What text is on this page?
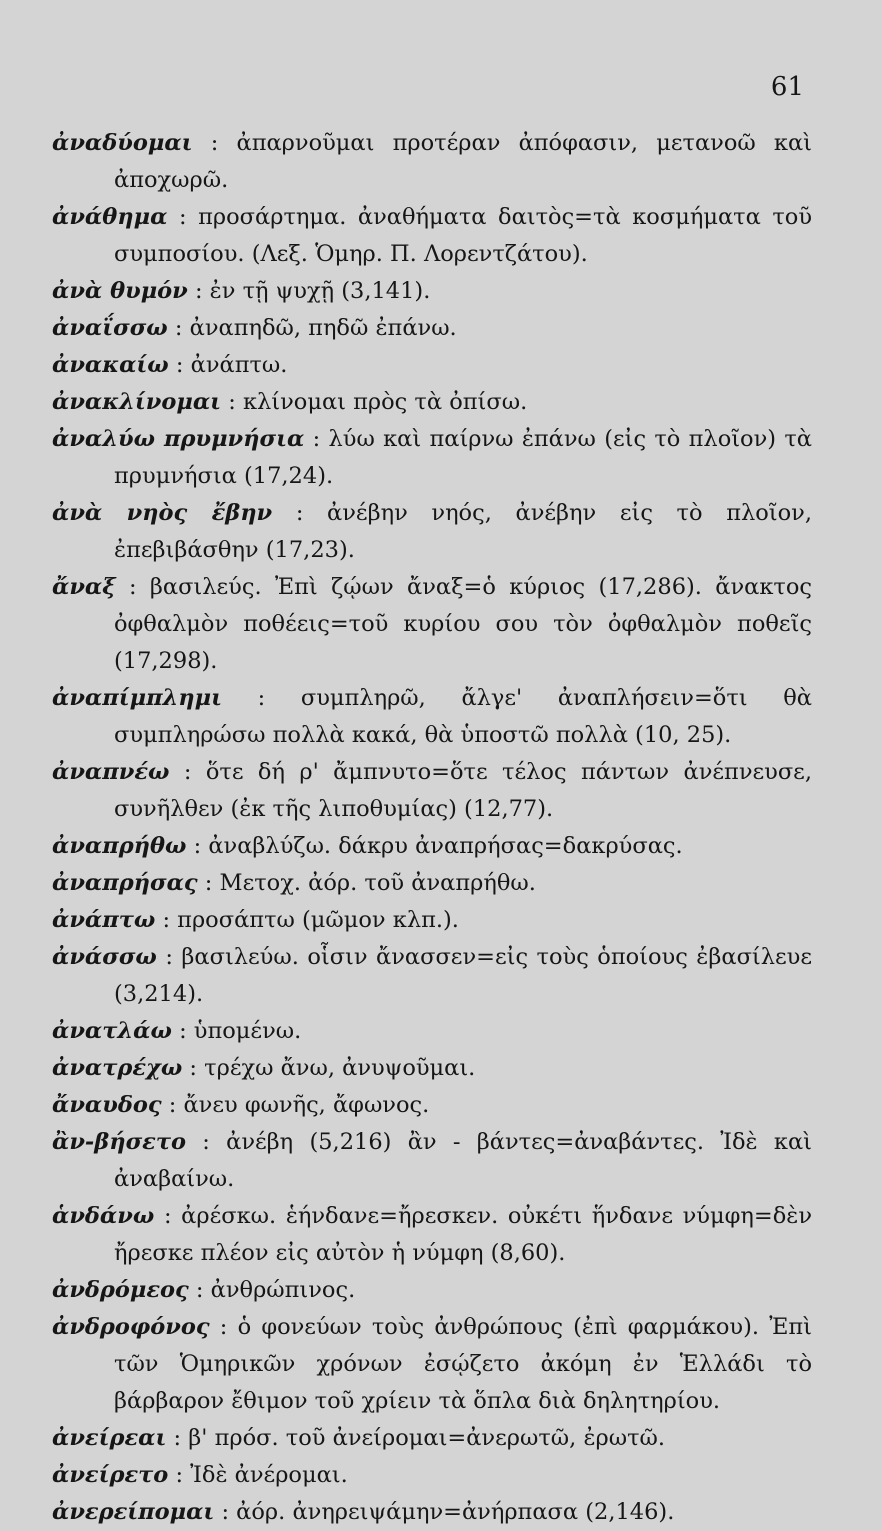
61
ἀναδύομαι : ἀπαρνοῦμαι προτέραν ἀπόφασιν, μετανοῶ καὶ ἀποχωρῶ.
ἀνάθημα : προσάρτημα. ἀναθήματα δαιτὸς=τὰ κοσμήματα τοῦ συμποσίου. (Λεξ. Ὁμηρ. Π. Λορεντζάτου).
ἀνὰ θυμόν : ἐν τῇ ψυχῇ (3,141).
ἀναΐσσω : ἀναπηδῶ, πηδῶ ἐπάνω.
ἀνακαίω : ἀνάπτω.
ἀνακλίνομαι : κλίνομαι πρὸς τὰ ὀπίσω.
ἀναλύω πρυμνήσια : λύω καὶ παίρνω ἐπάνω (εἰς τὸ πλοῖον) τὰ πρυμνήσια (17,24).
ἀνὰ νηὸς ἔβην : ἀνέβην νηός, ἀνέβην εἰς τὸ πλοῖον, ἐπεβιβάσθην (17,23).
ἄναξ : βασιλεύς. Ἐπὶ ζῴων ἄναξ=ὁ κύριος (17,286). ἄνακτος ὀφθαλμὸν ποθέεις=τοῦ κυρίου σου τὸν ὀφθαλμὸν ποθεῖς (17,298).
ἀναπίμπλημι : συμπληρῶ, ἄλγε' ἀναπλήσειν=ὅτι θὰ συμπληρώσω πολλὰ κακά, θὰ ὑποστῶ πολλὰ (10, 25).
ἀναπνέω : ὅτε δή ρ' ἄμπνυτο=ὅτε τέλος πάντων ἀνέπνευσε, συνῆλθεν (ἐκ τῆς λιποθυμίας) (12,77).
ἀναπρήθω : ἀναβλύζω. δάκρυ ἀναπρήσας=δακρύσας.
ἀναπρήσας : Μετοχ. ἀόρ. τοῦ ἀναπρήθω.
ἀνάπτω : προσάπτω (μῶμον κλπ.).
ἀνάσσω : βασιλεύω. οἷσιν ἄνασσεν=εἰς τοὺς ὁποίους ἐβασίλευε (3,214).
ἀνατλάω : ὑπομένω.
ἀνατρέχω : τρέχω ἄνω, ἀνυψοῦμαι.
ἄναυδος : ἄνευ φωνῆς, ἄφωνος.
ἂν-βήσετο : ἀνέβη (5,216) ἂν - βάντες=ἀναβάντες. Ἰδὲ καὶ ἀναβαίνω.
ἁνδάνω : ἀρέσκω. ἑήνδανε=ἤρεσκεν. οὐκέτι ἥνδανε νύμφη=δὲν ἤρεσκε πλέον εἰς αὐτὸν ἡ νύμφη (8,60).
ἀνδρόμεος : ἀνθρώπινος.
ἀνδροφόνος : ὁ φονεύων τοὺς ἀνθρώπους (ἐπὶ φαρμάκου). Ἐπὶ τῶν Ὁμηρικῶν χρόνων ἐσῴζετο ἀκόμη ἐν Ἑλλάδι τὸ βάρβαρον ἔθιμον τοῦ χρίειν τὰ ὅπλα διὰ δηλητηρίου.
ἀνείρεαι : β' πρόσ. τοῦ ἀνείρομαι=ἀνερωτῶ, ἐρωτῶ.
ἀνείρετο : Ἰδὲ ἀνέρομαι.
ἀνερείπομαι : ἀόρ. ἀνηρειψάμην=ἀνήρπασα (2,146).
